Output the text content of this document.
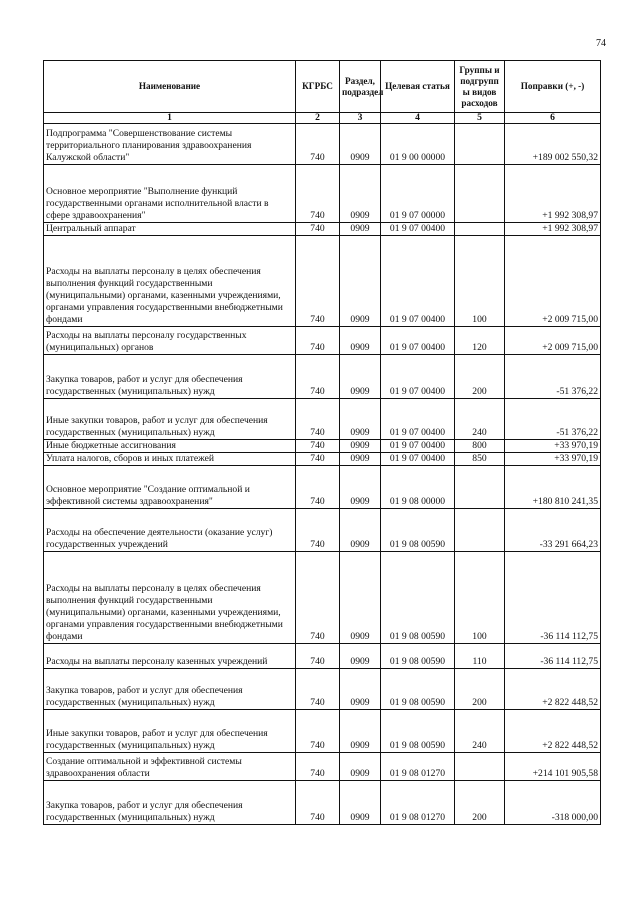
74
Наименование	КГРБС	Раздел, подраздел	Целевая статья	Группы и подгрупп ы видов расходов	Поправки (+, -)
1	2	3	4	5	6
Подпрограмма "Совершенствование системы территориального планирования здравоохранения Калужской области"	740	0909	01 9 00 00000		+189 002 550,32
Основное мероприятие "Выполнение функций государственными органами исполнительной власти в сфере здравоохранения"	740	0909	01 9 07 00000		+1 992 308,97
Центральный аппарат	740	0909	01 9 07 00400		+1 992 308,97
Расходы на выплаты персоналу в целях обеспечения выполнения функций государственными (муниципальными) органами, казенными учреждениями, органами управления государственными внебюджетными фондами	740	0909	01 9 07 00400	100	+2 009 715,00
Расходы на выплаты персоналу государственных (муниципальных) органов	740	0909	01 9 07 00400	120	+2 009 715,00
Закупка товаров, работ и услуг для обеспечения государственных (муниципальных) нужд	740	0909	01 9 07 00400	200	-51 376,22
Иные закупки товаров, работ и услуг для обеспечения государственных (муниципальных) нужд	740	0909	01 9 07 00400	240	-51 376,22
Иные бюджетные ассигнования	740	0909	01 9 07 00400	800	+33 970,19
Уплата налогов, сборов и иных платежей	740	0909	01 9 07 00400	850	+33 970,19
Основное мероприятие "Создание оптимальной и эффективной системы здравоохранения"	740	0909	01 9 08 00000		+180 810 241,35
Расходы на обеспечение деятельности (оказание услуг) государственных учреждений	740	0909	01 9 08 00590		-33 291 664,23
Расходы на выплаты персоналу в целях обеспечения выполнения функций государственными (муниципальными) органами, казенными учреждениями, органами управления государственными внебюджетными фондами	740	0909	01 9 08 00590	100	-36 114 112,75
Расходы на выплаты персоналу казенных учреждений	740	0909	01 9 08 00590	110	-36 114 112,75
Закупка товаров, работ и услуг для обеспечения государственных (муниципальных) нужд	740	0909	01 9 08 00590	200	+2 822 448,52
Иные закупки товаров, работ и услуг для обеспечения государственных (муниципальных) нужд	740	0909	01 9 08 00590	240	+2 822 448,52
Создание оптимальной и эффективной системы здравоохранения области	740	0909	01 9 08 01270		+214 101 905,58
Закупка товаров, работ и услуг для обеспечения государственных (муниципальных) нужд	740	0909	01 9 08 01270	200	-318 000,00
